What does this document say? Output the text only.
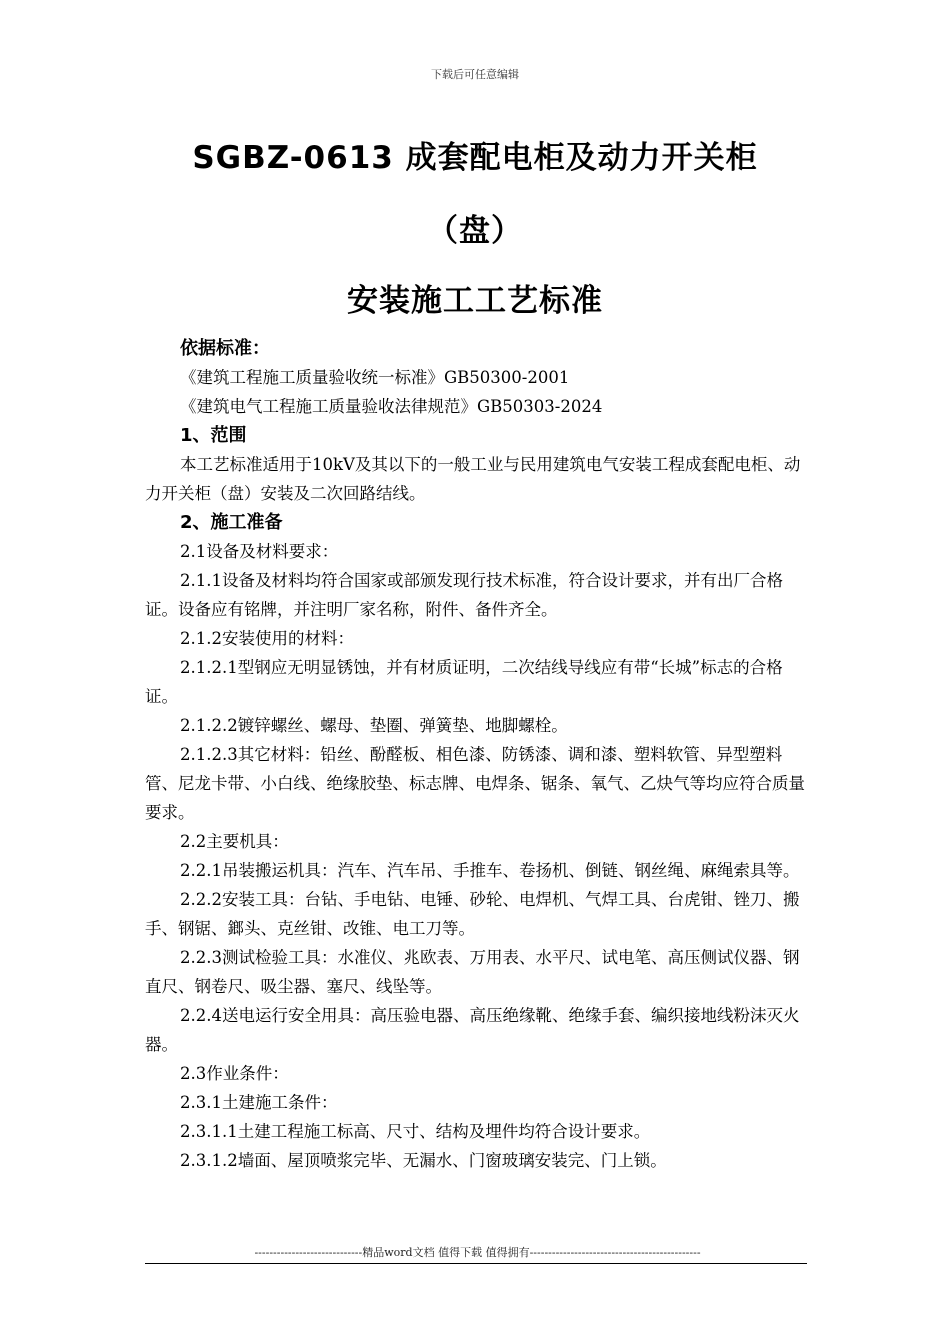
下载后可任意编辑
SGBZ-0613 成套配电柜及动力开关柜
（盘）
安装施工工艺标准

依据标准：

《建筑工程施工质量验收统一标准》GB50300-2001

《建筑电气工程施工质量验收法律规范》GB50303-2024

1、范围

本工艺标准适用于10kV及其以下的一般工业与民用建筑电气安装工程成套配电柜、动力开关柜（盘）安装及二次回路结线。

2、施工准备

2.1设备及材料要求：

2.1.1设备及材料均符合国家或部颁发现行技术标准，符合设计要求，并有出厂合格证。设备应有铭牌，并注明厂家名称，附件、备件齐全。

2.1.2安装使用的材料：

2.1.2.1型钢应无明显锈蚀，并有材质证明，二次结线导线应有带“长城”标志的合格证。

2.1.2.2镀锌螺丝、螺母、垫圈、弹簧垫、地脚螺栓。

2.1.2.3其它材料：铅丝、酚醛板、相色漆、防锈漆、调和漆、塑料软管、异型塑料管、尼龙卡带、小白线、绝缘胶垫、标志牌、电焊条、锯条、氧气、乙炔气等均应符合质量要求。

2.2主要机具：

2.2.1吊装搬运机具：汽车、汽车吊、手推车、卷扬机、倒链、钢丝绳、麻绳索具等。

2.2.2安装工具：台钻、手电钻、电锤、砂轮、电焊机、气焊工具、台虎钳、锉刀、搬手、钢锯、鎯头、克丝钳、改锥、电工刀等。

2.2.3测试检验工具：水准仪、兆欧表、万用表、水平尺、试电笔、高压侧试仪器、钢直尺、钢卷尺、吸尘器、塞尺、线坠等。

2.2.4送电运行安全用具：高压验电器、高压绝缘靴、绝缘手套、编织接地线粉沫灭火器。

2.3作业条件：

2.3.1土建施工条件：

2.3.1.1土建工程施工标高、尺寸、结构及埋件均符合设计要求。

2.3.1.2墙面、屋顶喷浆完毕、无漏水、门窗玻璃安装完、门上锁。

-----------------------------精品word文档 值得下载 值得拥有----------------------------------------------
